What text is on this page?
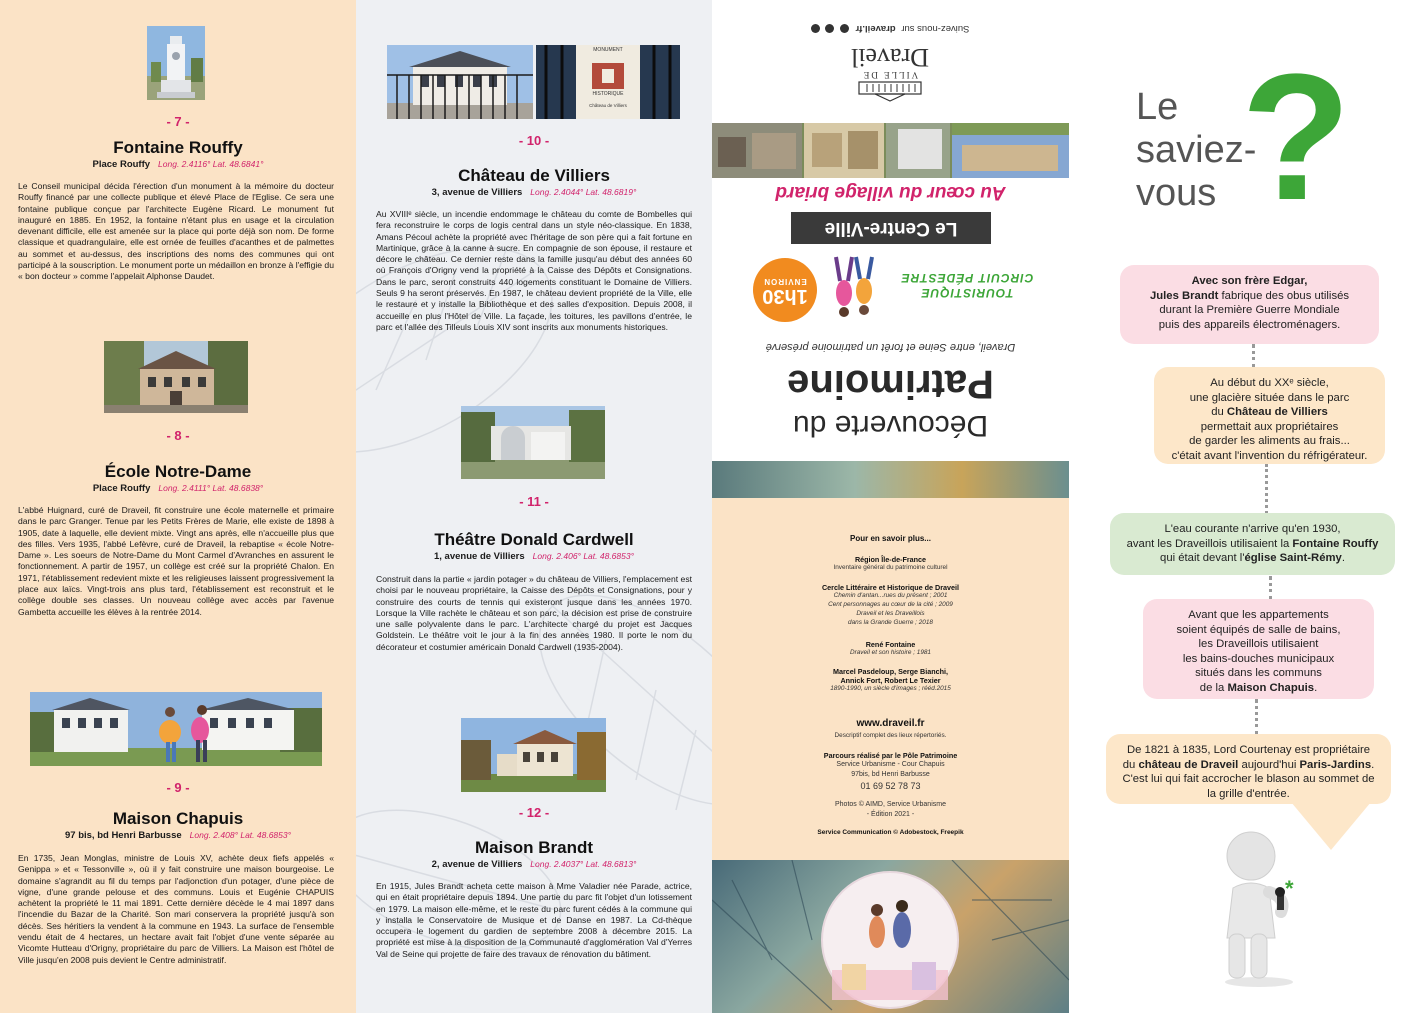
- 7 -
Fontaine Rouffy
Place Rouffy Long. 2.4116° Lat. 48.6841°
Le Conseil municipal décida l'érection d'un monument à la mémoire du docteur Rouffy financé par une collecte publique et élevé Place de l'Eglise. Ce sera une fontaine publique conçue par l'architecte Eugène Ricard. Le monument fut inauguré en 1885. En 1952, la fontaine n'étant plus en usage et la circulation devenant difficile, elle est amenée sur la place qui porte déjà son nom. De forme classique et quadrangulaire, elle est ornée de feuilles d'acanthes et de palmettes au sommet et au-dessus, des inscriptions des noms des communes qui ont participé à la souscription. Le monument porte un médaillon en bronze à l'effigie du « bon docteur » comme l'appelait Alphonse Daudet.
- 8 -
École Notre-Dame
Place Rouffy Long. 2.4111° Lat. 48.6838°
L'abbé Huignard, curé de Draveil, fit construire une école maternelle et primaire dans le parc Granger. Tenue par les Petits Frères de Marie, elle existe de 1898 à 1905, date à laquelle, elle devient mixte. Vingt ans après, elle n'accueille plus que des filles. Vers 1935, l'abbé Lefèvre, curé de Draveil, la rebaptise « école Notre-Dame ». Les soeurs de Notre-Dame du Mont Carmel d'Avranches en assurent le fonctionnement. A partir de 1957, un collège est créé sur la propriété Chalon. En 1971, l'établissement redevient mixte et les religieuses laissent progressivement la place aux laïcs. Vingt-trois ans plus tard, l'établissement est reconstruit et le collège double ses classes. Un nouveau collège avec accès par l'avenue Gambetta accueille les élèves à la rentrée 2014.
- 9 -
Maison Chapuis
97 bis, bd Henri Barbusse Long. 2.408° Lat. 48.6853°
En 1735, Jean Monglas, ministre de Louis XV, achète deux fiefs appelés « Genippa » et « Tessonville », où il y fait construire une maison bourgeoise. Le domaine s'agrandit au fil du temps par l'adjonction d'un potager, d'une pièce de vigne, d'une grande pelouse et des communs. Louis et Eugénie CHAPUIS achètent la propriété le 11 mai 1891. Cette dernière décède le 4 mai 1897 dans l'incendie du Bazar de la Charité. Son mari conservera la propriété jusqu'à son décès. Ses héritiers la vendent à la commune en 1943. La surface de l'ensemble vendu était de 4 hectares, un hectare avait fait l'objet d'une vente séparée au Vicomte Hutteau d'Origny, propriétaire du parc de Villiers. La Maison est l'hôtel de Ville jusqu'en 2008 puis devient le Centre administratif.
MONUMENT
HISTORIQUE
Château de Villiers
- 10 -
Château de Villiers
3, avenue de Villiers Long. 2.4044° Lat. 48.6819°
Au XVIIIᵉ siècle, un incendie endommage le château du comte de Bombelles qui fera reconstruire le corps de logis central dans un style néo-classique. En 1838, Amans Pécoul achète la propriété avec l'héritage de son père qui a fait fortune en Martinique, grâce à la canne à sucre. En compagnie de son épouse, il restaure et décore le château. Ce dernier reste dans la famille jusqu'au début des années 60 où François d'Origny vend la propriété à la Caisse des Dépôts et Consignations. Dans le parc, seront construits 440 logements constituant le Domaine de Villiers. Seuls 9 ha seront préservés. En 1987, le château devient propriété de la Ville, elle le restaure et y installe la Bibliothèque et des salles d'exposition. Depuis 2008, il accueille en plus l'Hôtel de Ville. La façade, les toitures, les pavillons d'entrée, le parc et l'allée des Tilleuls Louis XIV sont inscrits aux monuments historiques.
- 11 -
Théâtre Donald Cardwell
1, avenue de Villiers Long. 2.406° Lat. 48.6853°
Construit dans la partie « jardin potager » du château de Villiers, l'emplacement est choisi par le nouveau propriétaire, la Caisse des Dépôts et Consignations, pour y construire des courts de tennis qui existeront jusque dans les années 1970. Lorsque la Ville rachète le château et son parc, la décision est prise de construire une salle polyvalente dans le parc. L'architecte chargé du projet est Jacques Goldstein. Le théâtre voit le jour à la fin des années 1980. Il porte le nom du décorateur et costumier américain Donald Cardwell (1935-2004).
- 12 -
Maison Brandt
2, avenue de Villiers Long. 2.4037° Lat. 48.6813°
En 1915, Jules Brandt acheta cette maison à Mme Valadier née Parade, actrice, qui en était propriétaire depuis 1894. Une partie du parc fit l'objet d'un lotissement en 1979. La maison elle-même, et le reste du parc furent cédés à la commune qui y installa le Conservatoire de Musique et de Danse en 1987. La Cd-thèque occupera le logement du gardien de septembre 2008 à décembre 2015. La propriété est mise à la disposition de la Communauté d'agglomération Val d'Yerres Val de Seine qui projette de faire des travaux de rénovation du bâtiment.
Suivez-nous sur draveil.fr
VILLE DE
Draveil
Au cœur du village briard
Le Centre-Ville
CIRCUIT PÉDESTRE
TOURISTIQUE
1h30
ENVIRON
Draveil, entre Seine et forêt un patrimoine préservé
Patrimoine
Découverte du
Pour en savoir plus...
Région Île-de-France
Inventaire général du patrimoine culturel
Cercle Littéraire et Historique de Draveil
Chemin d'antan...rues du présent ; 2001
Cent personnages au cœur de la cité ; 2009
Draveil et les Draveillois
dans la Grande Guerre ; 2018
René Fontaine
Draveil et son histoire ; 1981
Marcel Pasdeloup, Serge Bianchi,
Annick Fort, Robert Le Texier
1890-1990, un siècle d'images ; rééd.2015
www.draveil.fr
Descriptif complet des lieux répertoriés.
Parcours réalisé par le Pôle Patrimoine
Service Urbanisme - Cour Chapuis
97bis, bd Henri Barbusse
01 69 52 78 73
Photos © AIMD, Service Urbanisme
- Édition 2021 -
Service Communication © Adobestock, Freepik
Le
saviez-
vous ?
Avec son frère Edgar,
Jules Brandt fabrique des obus utilisés
durant la Première Guerre Mondiale
puis des appareils électroménagers.
Au début du XXᵉ siècle,
une glacière située dans le parc
du Château de Villiers
permettait aux propriétaires
de garder les aliments au frais...
c'était avant l'invention du réfrigérateur.
L'eau courante n'arrive qu'en 1930,
avant les Draveillois utilisaient la Fontaine Rouffy
qui était devant l'église Saint-Rémy.
Avant que les appartements
soient équipés de salle de bains,
les Draveillois utilisaient
les bains-douches municipaux
situés dans les communs
de la Maison Chapuis.
De 1821 à 1835, Lord Courtenay est propriétaire
du château de Draveil aujourd'hui Paris-Jardins.
C'est lui qui fait accrocher le blason au sommet de
la grille d'entrée.
*
